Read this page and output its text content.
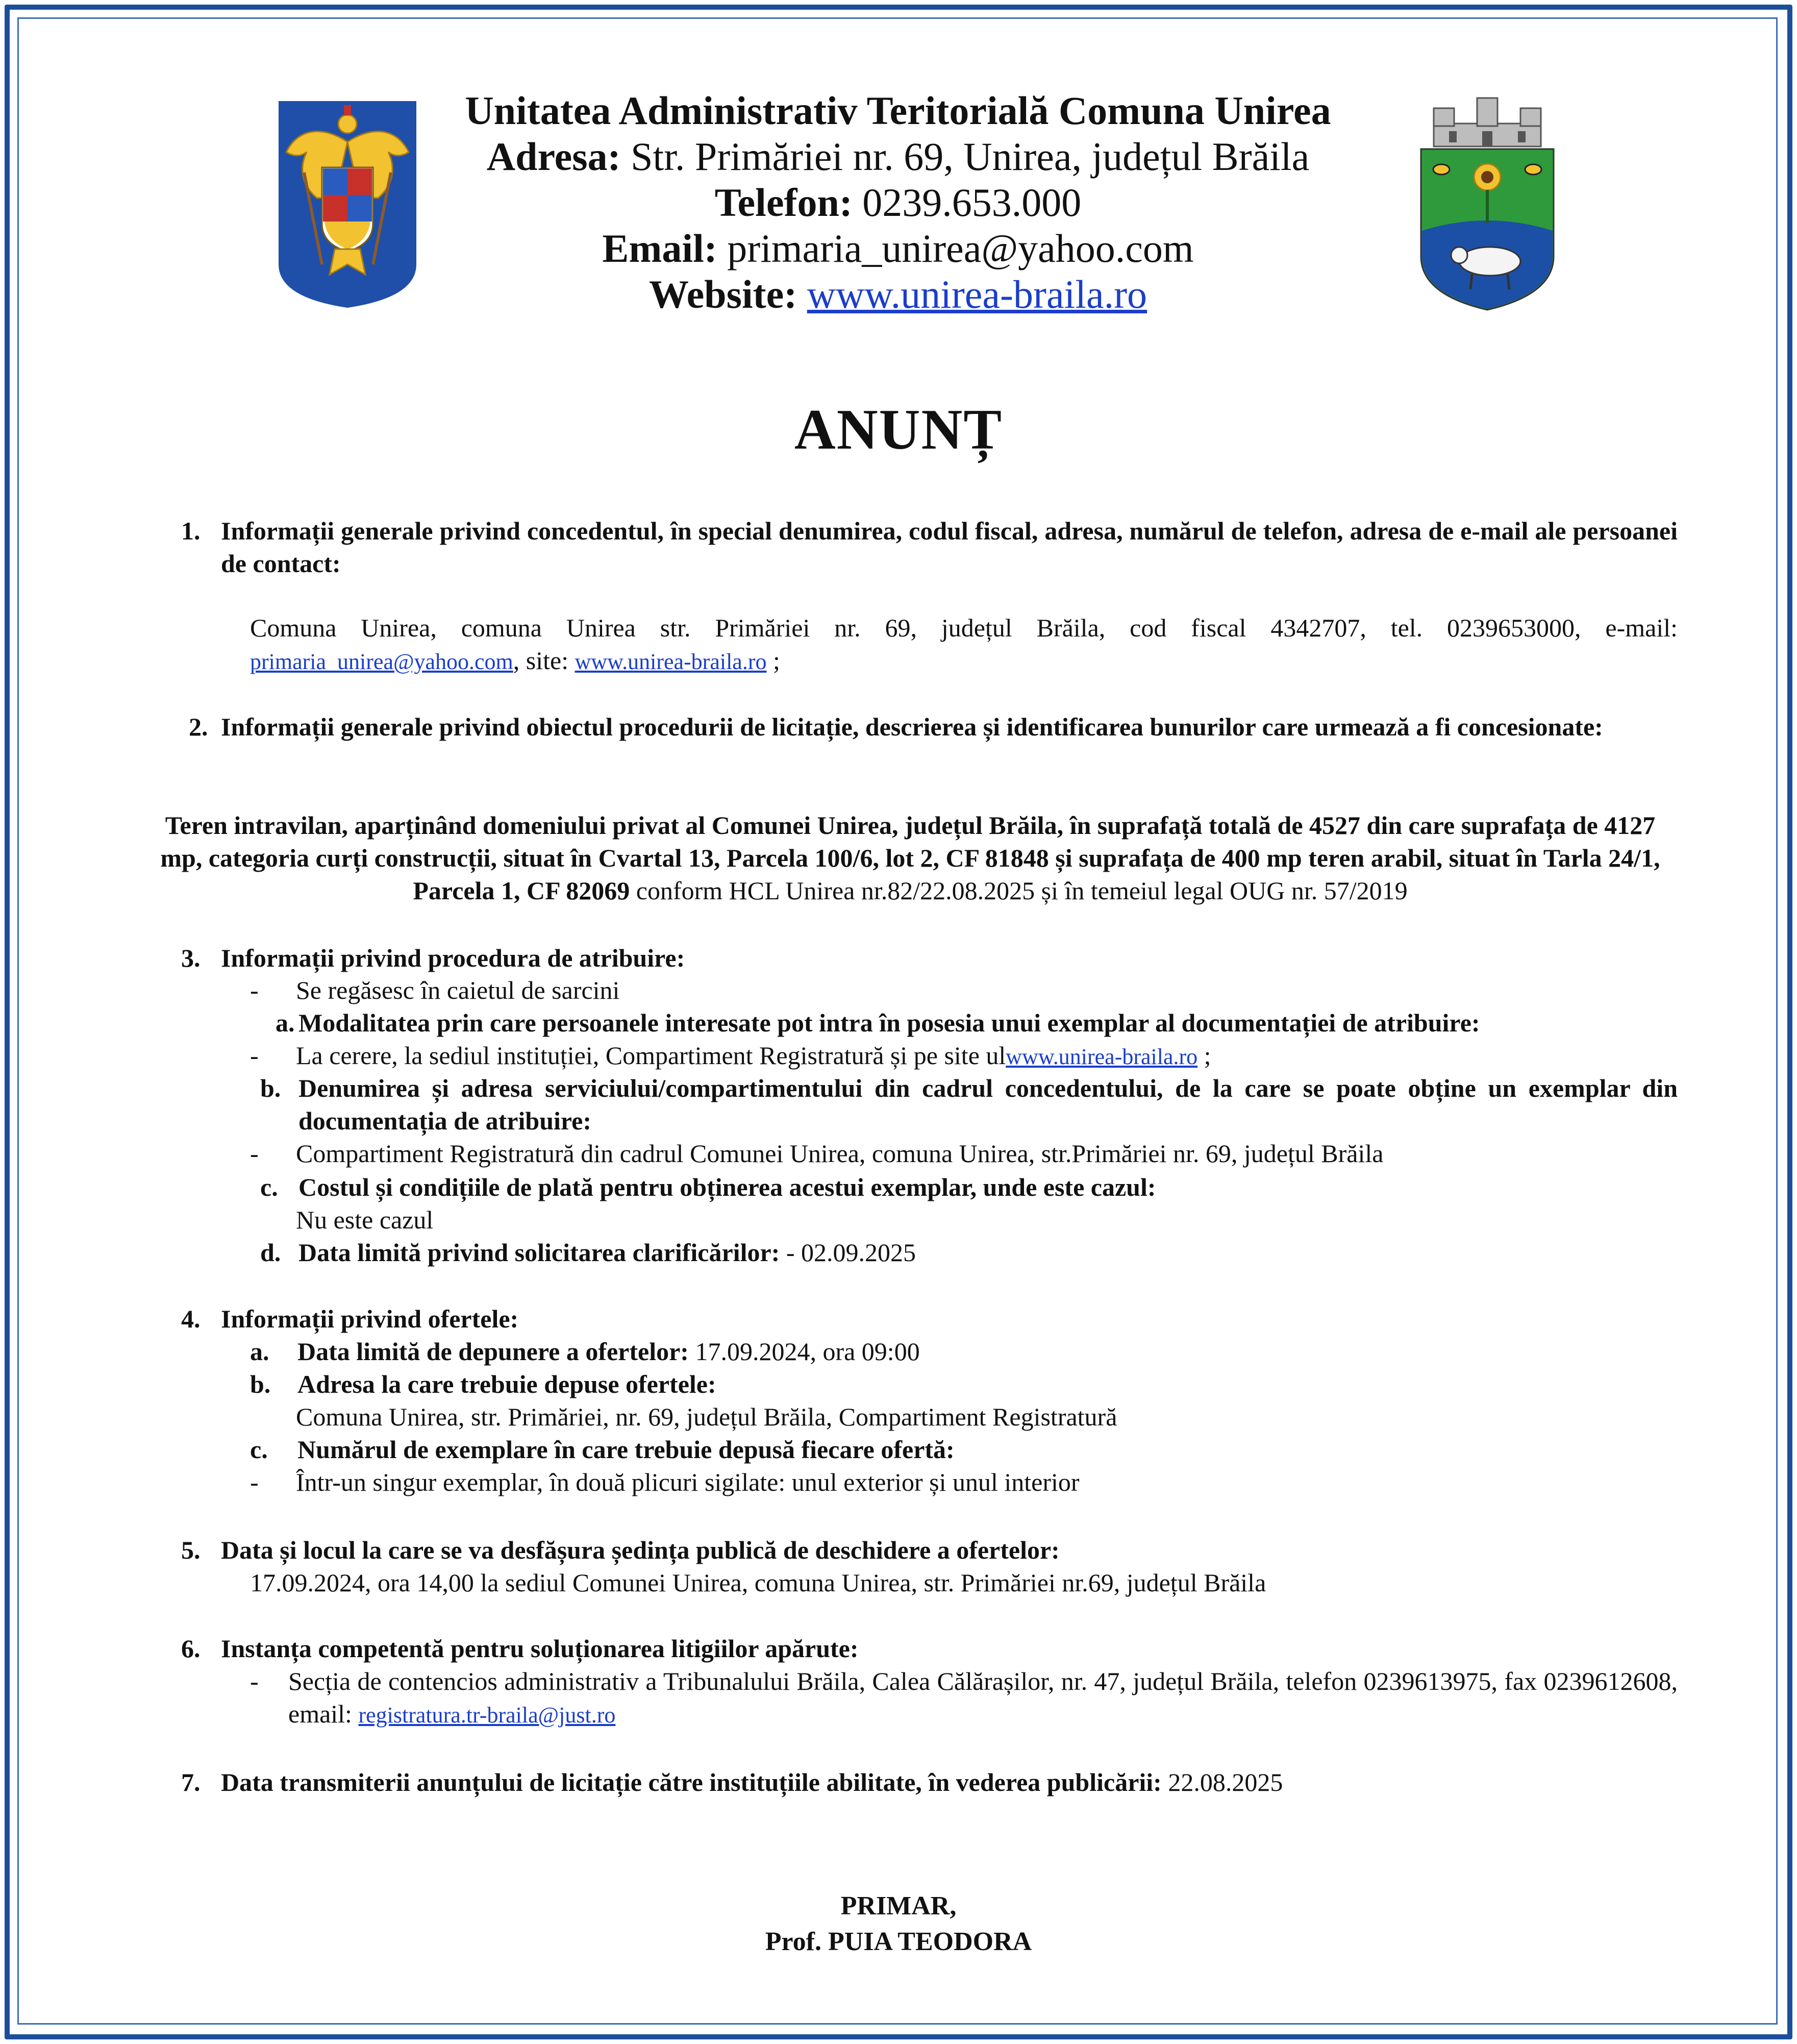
Unitatea Administrativ Teritorială Comuna Unirea
Adresa: Str. Primăriei nr. 69, Unirea, județul Brăila
Telefon: 0239.653.000
Email: primaria_unirea@yahoo.com
Website: www.unirea-braila.ro
ANUNȚ
1. Informații generale privind concedentul, în special denumirea, codul fiscal, adresa, numărul de telefon, adresa de e-mail ale persoanei de contact:
Comuna Unirea, comuna Unirea str. Primăriei nr. 69, județul Brăila, cod fiscal 4342707, tel. 0239653000, e-mail: primaria_unirea@yahoo.com, site: www.unirea-braila.ro ;
2. Informații generale privind obiectul procedurii de licitație, descrierea și identificarea bunurilor care urmează a fi concesionate:
Teren intravilan, aparținând domeniului privat al Comunei Unirea, județul Brăila, în suprafață totală de 4527 din care suprafața de 4127 mp, categoria curți construcții, situat în Cvartal 13, Parcela 100/6, lot 2, CF 81848 și suprafața de 400 mp teren arabil, situat în Tarla 24/1, Parcela 1, CF 82069 conform HCL Unirea nr.82/22.08.2025 și în temeiul legal OUG nr. 57/2019
3. Informații privind procedura de atribuire:
- Se regăsesc în caietul de sarcini
a. Modalitatea prin care persoanele interesate pot intra în posesia unui exemplar al documentației de atribuire:
- La cerere, la sediul instituției, Compartiment Registratură și pe site ulwww.unirea-braila.ro ;
b. Denumirea și adresa serviciului/compartimentului din cadrul concedentului, de la care se poate obține un exemplar din documentația de atribuire:
- Compartiment Registratură din cadrul Comunei Unirea, comuna Unirea, str.Primăriei nr. 69, județul Brăila
c. Costul și condițiile de plată pentru obținerea acestui exemplar, unde este cazul:
Nu este cazul
d. Data limită privind solicitarea clarificărilor: - 02.09.2025
4. Informații privind ofertele:
a. Data limită de depunere a ofertelor: 17.09.2024, ora 09:00
b. Adresa la care trebuie depuse ofertele:
Comuna Unirea, str. Primăriei, nr. 69, județul Brăila, Compartiment Registratură
c. Numărul de exemplare în care trebuie depusă fiecare ofertă:
- Într-un singur exemplar, în două plicuri sigilate: unul exterior și unul interior
5. Data și locul la care se va desfășura ședința publică de deschidere a ofertelor:
17.09.2024, ora 14,00 la sediul Comunei Unirea, comuna Unirea, str. Primăriei nr.69, județul Brăila
6. Instanța competentă pentru soluționarea litigiilor apărute:
- Secția de contencios administrativ a Tribunalului Brăila, Calea Călărașilor, nr. 47, județul Brăila, telefon 0239613975, fax 0239612608, email: registratura.tr-braila@just.ro
7. Data transmiterii anunțului de licitație către instituțiile abilitate, în vederea publicării: 22.08.2025
PRIMAR,
Prof. PUIA TEODORA
